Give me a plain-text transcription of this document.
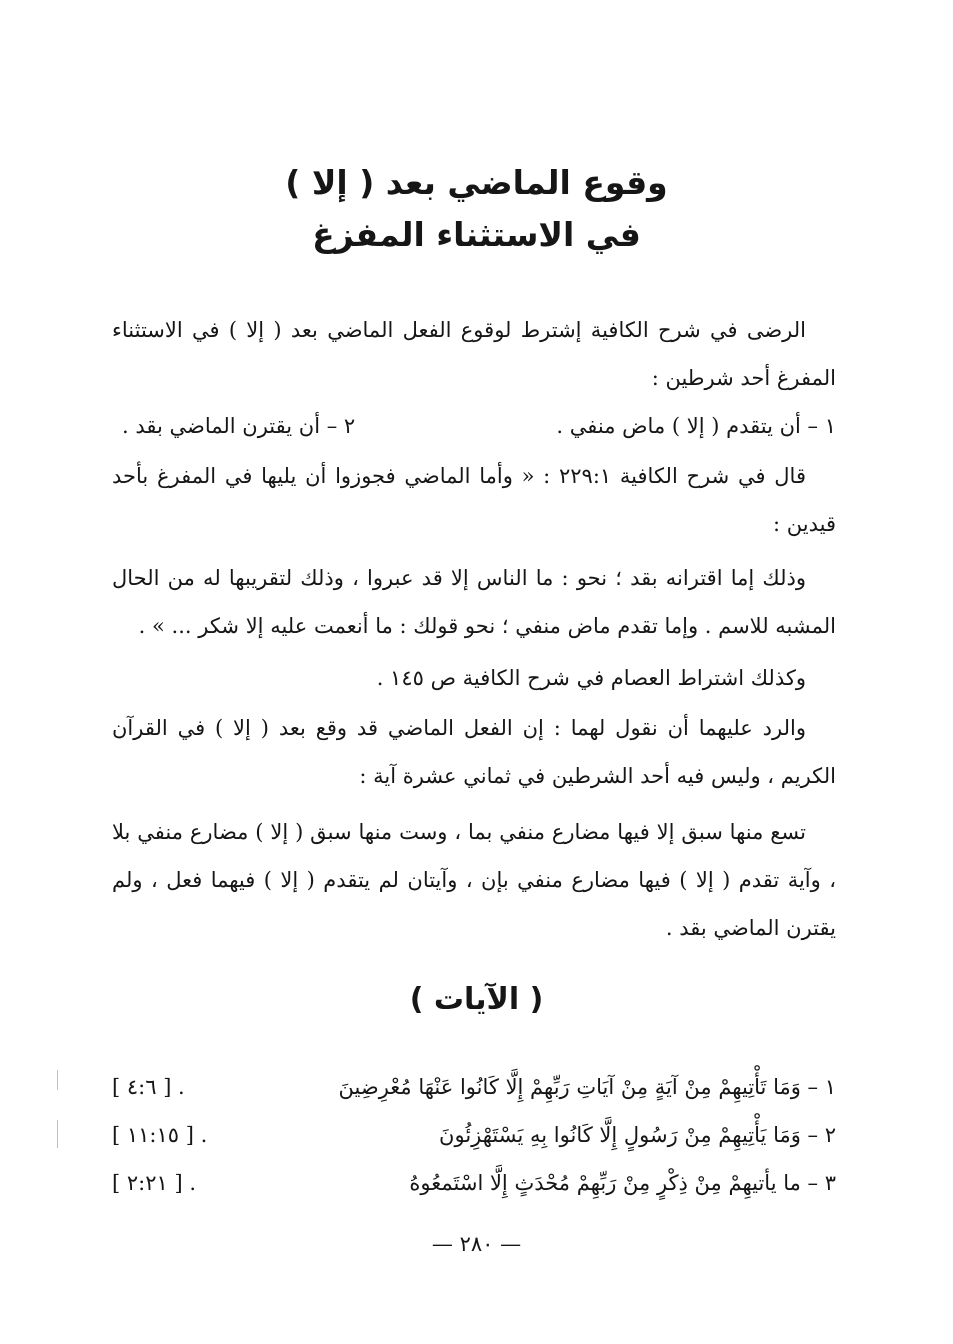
وقوع الماضي بعد ( إلا )
في الاستثناء المفزغ
الرضى في شرح الكافية إشترط لوقوع الفعل الماضي بعد ( إلا ) في الاستثناء المفرغ أحد شرطين :
١ – أن يتقدم ( إلا ) ماض منفي .
٢ – أن يقترن الماضي بقد .
قال في شرح الكافية ٢٢٩:١ : « وأما الماضي فجوزوا أن يليها في المفرغ بأحد قيدين :
وذلك إما اقترانه بقد ؛ نحو : ما الناس إلا قد عبروا ، وذلك لتقريبها له من الحال المشبه للاسم . وإما تقدم ماض منفي ؛ نحو قولك : ما أنعمت عليه إلا شكر ... » .
وكذلك اشتراط العصام في شرح الكافية ص ١٤٥ .
والرد عليهما أن نقول لهما : إن الفعل الماضي قد وقع بعد ( إلا ) في القرآن الكريم ، وليس فيه أحد الشرطين في ثماني عشرة آية :
تسع منها سبق إلا فيها مضارع منفي بما ، وست منها سبق ( إلا ) مضارع منفي بلا ، وآية تقدم ( إلا ) فيها مضارع منفي بإن ، وآيتان لم يتقدم ( إلا ) فيهما فعل ، ولم يقترن الماضي بقد .
( الآيات )
١ – وَمَا تَأْتِيهِمْ مِنْ آيَةٍ مِنْ آيَاتِ رَبِّهِمْ إِلَّا كَانُوا عَنْهَا مُعْرِضِينَ
[ ٤:٦ ] .
٢ – وَمَا يَأْتِيهِمْ مِنْ رَسُولٍ إِلَّا كَانُوا بِهِ يَسْتَهْزِئُونَ
[ ١١:١٥ ] .
٣ – ما يأتيهِمْ مِنْ ذِكْرٍ مِنْ رَبِّهِمْ مُحْدَثٍ إِلَّا اسْتَمعُوهُ
[ ٢:٢١ ] .
— ٢٨٠ —
